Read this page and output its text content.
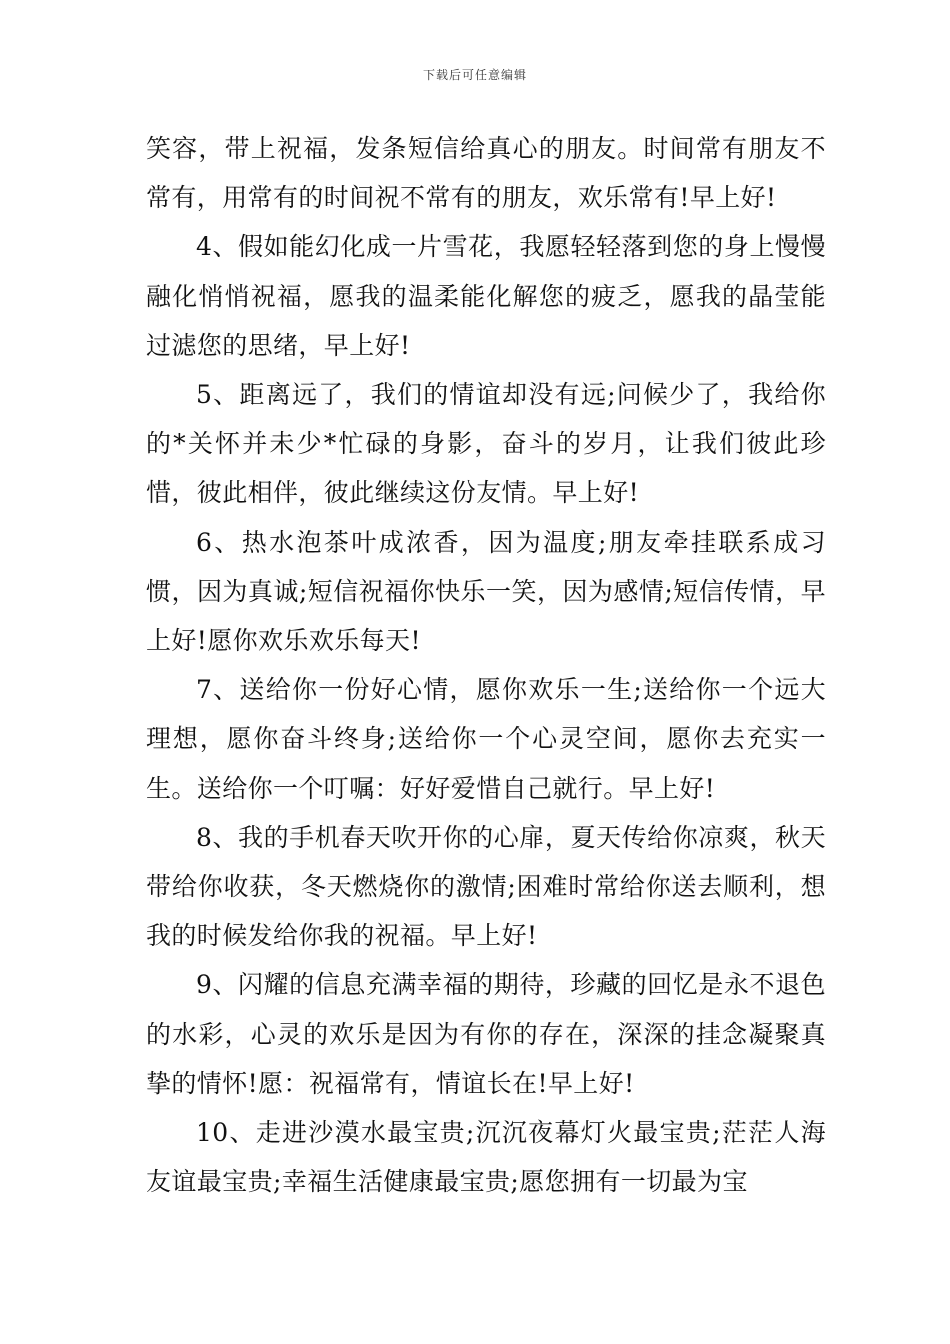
下载后可任意编辑

笑容，带上祝福，发条短信给真心的朋友。时间常有朋友不常有，用常有的时间祝不常有的朋友，欢乐常有!早上好!

4、假如能幻化成一片雪花，我愿轻轻落到您的身上慢慢融化悄悄祝福，愿我的温柔能化解您的疲乏，愿我的晶莹能过滤您的思绪，早上好!

5、距离远了，我们的情谊却没有远;问候少了，我给你的*关怀并未少*忙碌的身影，奋斗的岁月，让我们彼此珍惜，彼此相伴，彼此继续这份友情。早上好!

6、热水泡茶叶成浓香，因为温度;朋友牵挂联系成习惯，因为真诚;短信祝福你快乐一笑，因为感情;短信传情，早上好!愿你欢乐欢乐每天!

7、送给你一份好心情，愿你欢乐一生;送给你一个远大理想，愿你奋斗终身;送给你一个心灵空间，愿你去充实一生。送给你一个叮嘱：好好爱惜自己就行。早上好!

8、我的手机春天吹开你的心扉，夏天传给你凉爽，秋天带给你收获，冬天燃烧你的激情;困难时常给你送去顺利，想我的时候发给你我的祝福。早上好!

9、闪耀的信息充满幸福的期待，珍藏的回忆是永不退色的水彩，心灵的欢乐是因为有你的存在，深深的挂念凝聚真挚的情怀!愿：祝福常有，情谊长在!早上好!

10、走进沙漠水最宝贵;沉沉夜幕灯火最宝贵;茫茫人海友谊最宝贵;幸福生活健康最宝贵;愿您拥有一切最为宝
